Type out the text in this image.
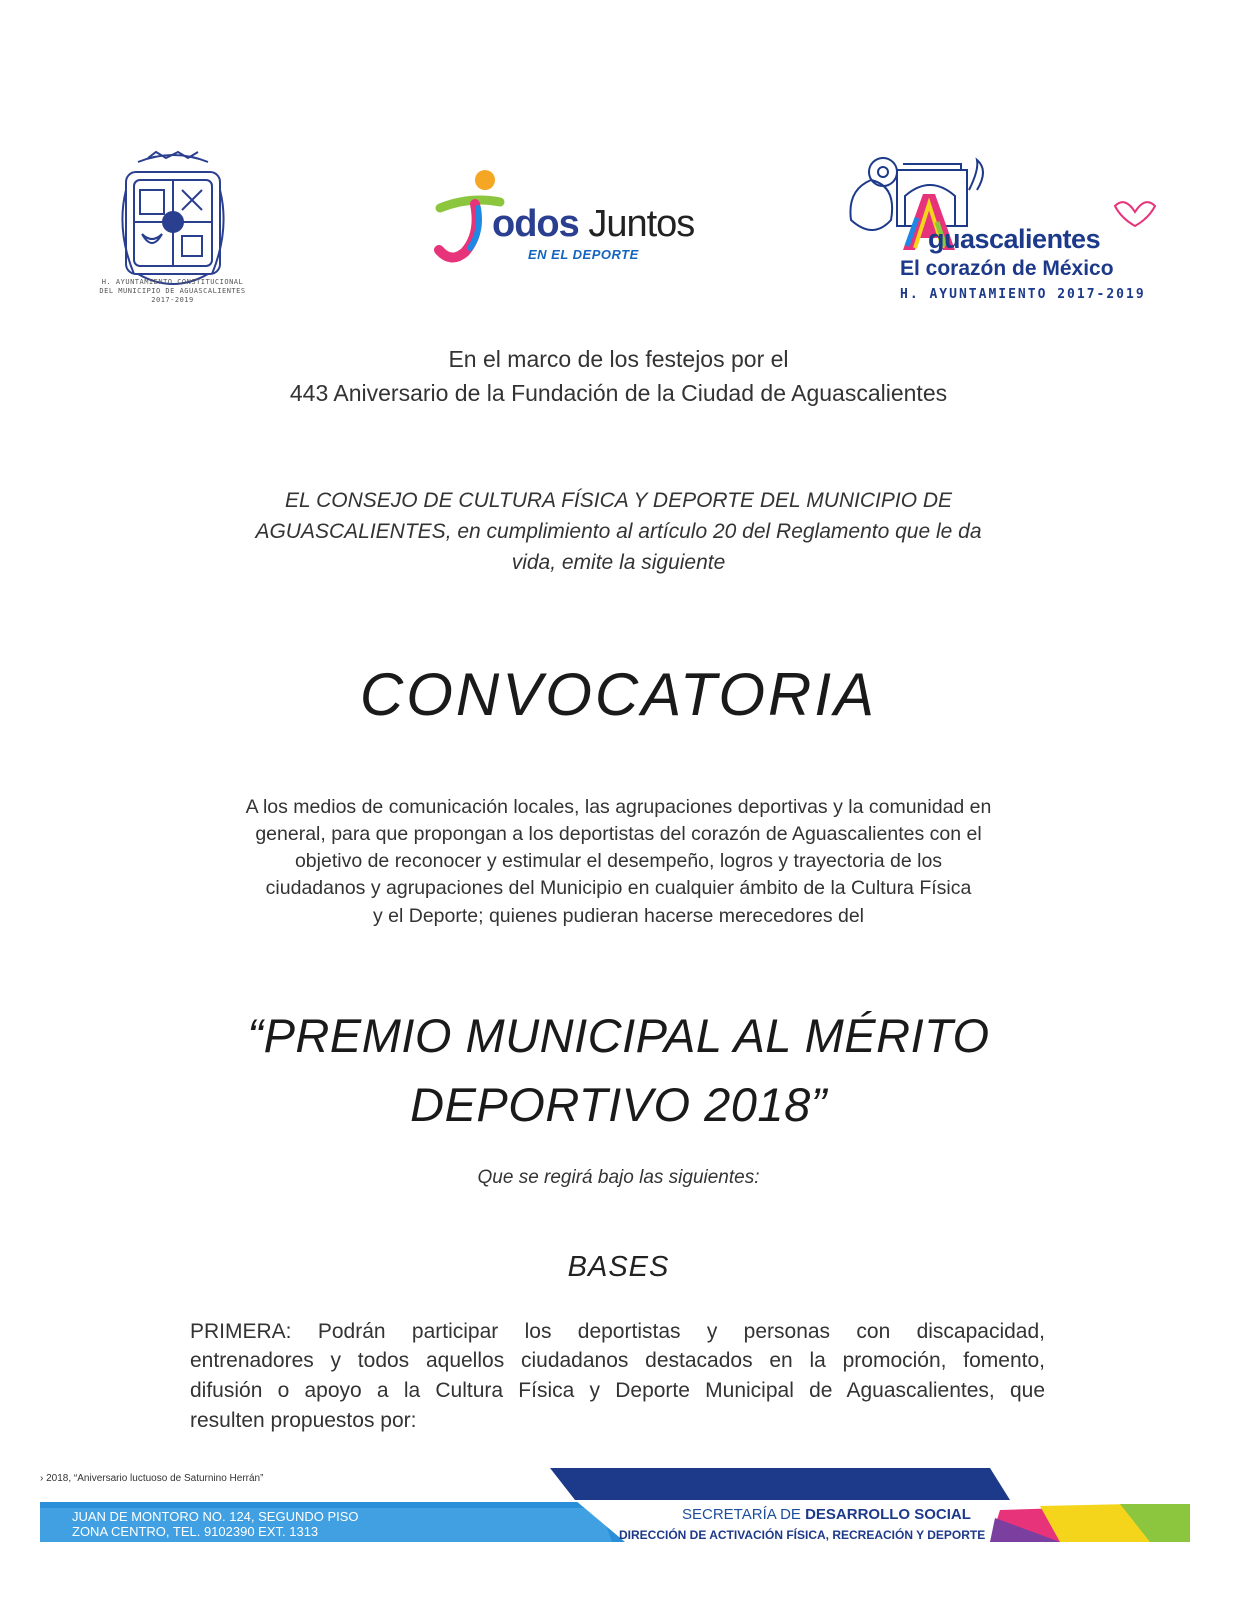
H. AYUNTAMIENTO CONSTITUCIONAL
DEL MUNICIPIO DE AGUASCALIENTES
2017-2019
odos Juntos
EN EL DEPORTE
guascalientes
El corazón de México
H. AYUNTAMIENTO 2017-2019
En el marco de los festejos por el
443 Aniversario de la Fundación de la Ciudad de Aguascalientes
EL CONSEJO DE CULTURA FÍSICA Y DEPORTE DEL MUNICIPIO DE
AGUASCALIENTES, en cumplimiento al artículo 20 del Reglamento que le da
vida, emite la siguiente
CONVOCATORIA
A los medios de comunicación locales, las agrupaciones deportivas y la comunidad en
general, para que propongan a los deportistas del corazón de Aguascalientes con el
objetivo de reconocer y estimular el desempeño, logros y trayectoria de los
ciudadanos y agrupaciones del Municipio en cualquier ámbito de la Cultura Física
y el Deporte; quienes pudieran hacerse merecedores del
“PREMIO MUNICIPAL AL MÉRITO
DEPORTIVO 2018”
Que se regirá bajo las siguientes:
BASES
PRIMERA: Podrán participar los deportistas y personas con discapacidad,
entrenadores y todos aquellos ciudadanos destacados en la promoción, fomento,
difusión o apoyo a la Cultura Física y Deporte Municipal de Aguascalientes, que
resulten propuestos por:
› 2018, “Aniversario luctuoso de Saturnino Herrán”
JUAN DE MONTORO NO. 124, SEGUNDO PISO
ZONA CENTRO, TEL. 9102390 EXT. 1313
SECRETARÍA DE DESARROLLO SOCIAL
DIRECCIÓN DE ACTIVACIÓN FÍSICA, RECREACIÓN Y DEPORTE
